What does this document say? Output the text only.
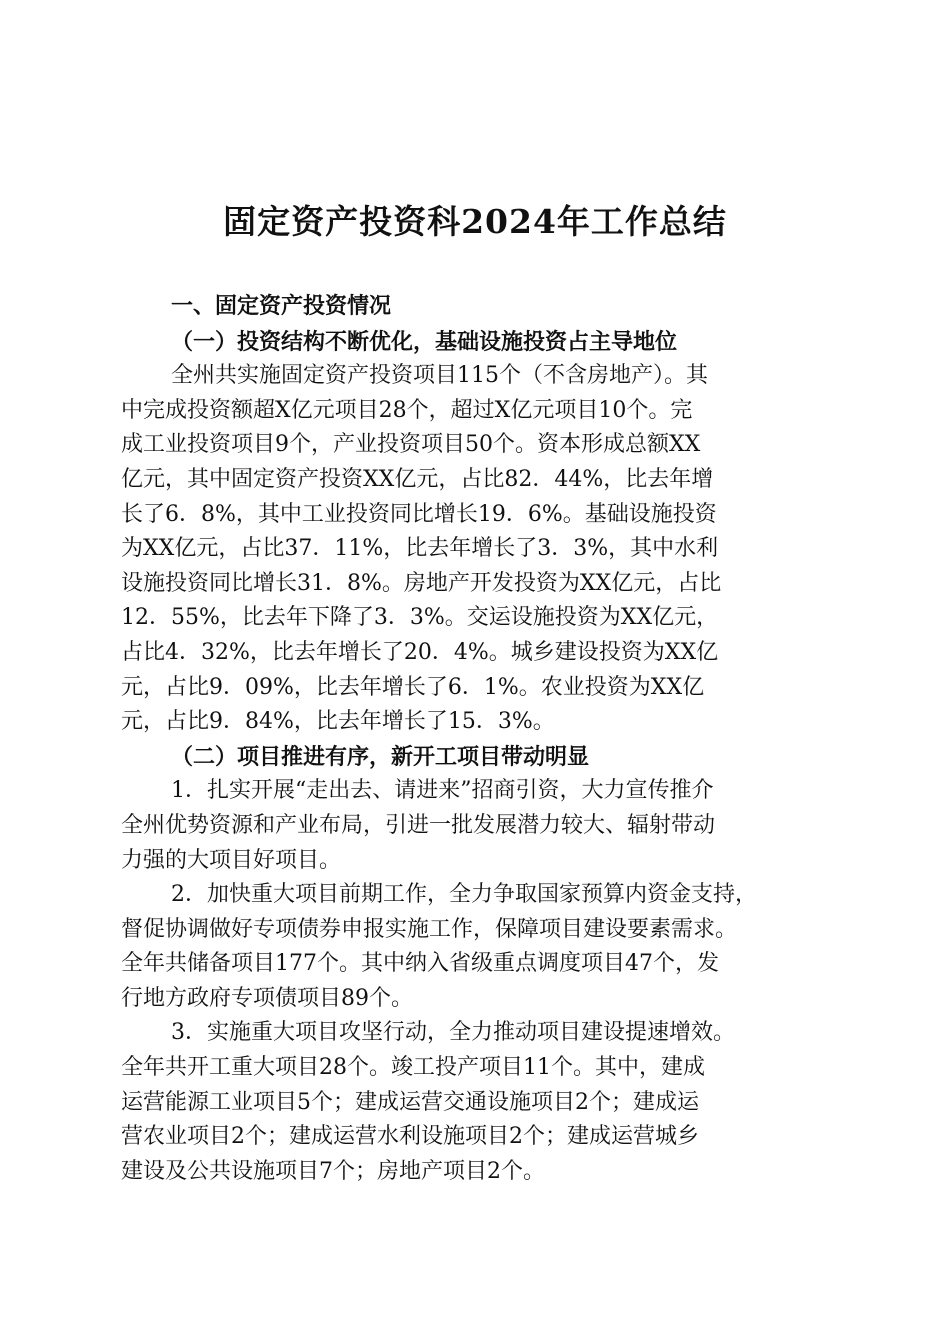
固定资产投资科2024年工作总结
一、固定资产投资情况
（一）投资结构不断优化，基础设施投资占主导地位
全州共实施固定资产投资项目115个（不含房地产）。其
中完成投资额超X亿元项目28个，超过X亿元项目10个。完
成工业投资项目9个，产业投资项目50个。资本形成总额XX
亿元，其中固定资产投资XX亿元，占比82．44%，比去年增
长了6．8%，其中工业投资同比增长19．6%。基础设施投资
为XX亿元，占比37．11%，比去年增长了3．3%，其中水利
设施投资同比增长31．8%。房地产开发投资为XX亿元，占比
12．55%，比去年下降了3．3%。交运设施投资为XX亿元，
占比4．32%，比去年增长了20．4%。城乡建设投资为XX亿
元，占比9．09%，比去年增长了6．1%。农业投资为XX亿
元，占比9．84%，比去年增长了15．3%。
（二）项目推进有序，新开工项目带动明显
1．扎实开展“走出去、请进来”招商引资，大力宣传推介
全州优势资源和产业布局，引进一批发展潜力较大、辐射带动
力强的大项目好项目。
2．加快重大项目前期工作，全力争取国家预算内资金支持，
督促协调做好专项债券申报实施工作，保障项目建设要素需求。
全年共储备项目177个。其中纳入省级重点调度项目47个，发
行地方政府专项债项目89个。
3．实施重大项目攻坚行动，全力推动项目建设提速增效。
全年共开工重大项目28个。竣工投产项目11个。其中，建成
运营能源工业项目5个；建成运营交通设施项目2个；建成运
营农业项目2个；建成运营水利设施项目2个；建成运营城乡
建设及公共设施项目7个；房地产项目2个。
